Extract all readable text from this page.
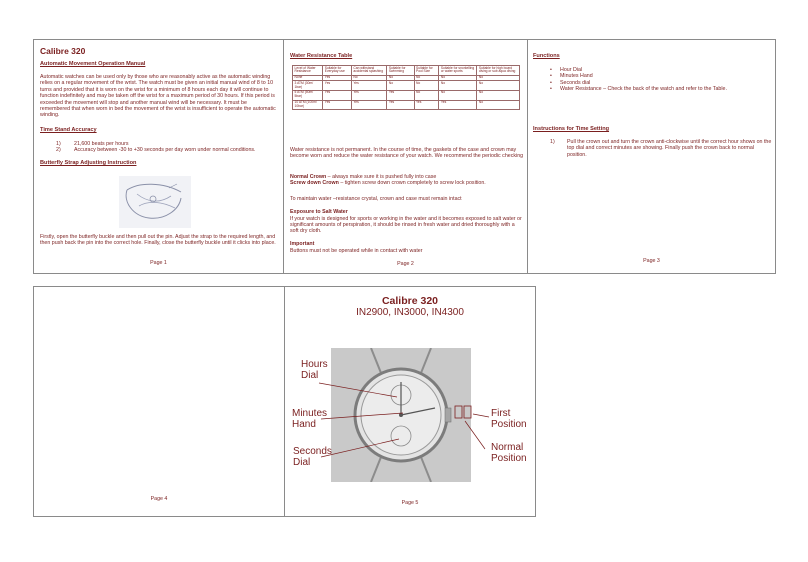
Calibre 320
Automatic Movement Operation Manual
Automatic watches can be used only by those who are reasonably active as the automatic winding relies on a regular movement of the wrist. The watch must be given an initial manual wind of 8 to 10 turns and provided that it is worn on the wrist for a minimum of 8 hours each day it will continue to function indefinitely and may be taken off the wrist for a maximum period of 30 hours. If this period is exceeded the movement will stop and another manual wind will be necessary. It must be remembered that when worn in bed the movement of the wrist is insufficient to operate the automatic winding.
Time Stand Accuracy
1)	21,600 beats per hours
2)	Accuracy between -30 to +30 seconds per day worn under normal conditions.
Butterfly Strap Adjusting Instruction
Firstly, open the butterfly buckle and then pull out the pin. Adjust the strap to the required length, and then push back the pin into the correct hole. Finally, close the butterfly buckle until it clicks into place.
Page 1
Water Resistance Table
Level of Water Resistance	Suitable for Everyday use	Can withstand accidental splashing	Suitable for Swimming	Suitable for Pool Size	Suitable for snorkelling or water sports	Suitable for high board diving or sub aqua diving
None	Yes	No	No	No	No	No
3 ATM (30m/ 1bar)	Yes	Yes	No	No	No	No
5 ATM (50m/ 5bar)	Yes	Yes	Yes	No	No	No
10 ATM (100m/ 10bar)	Yes	Yes	Yes	Yes	Yes	No
Water resistance is not permanent. In the course of time, the gaskets of the case and crown may become worn and reduce the water resistance of your watch. We recommend the periodic checking
Normal Crown – always make sure it is pushed fully into case
Screw down Crown – tighten screw down crown completely to screw lock position.
To maintain water –resistance crystal, crown and case must remain intact
Exposure to Salt Water
If your watch is designed for sports or working in the water and it becomes exposed to salt water or significant amounts of perspiration, it should be rinsed in fresh water and dried thoroughly with a soft dry cloth.
Important
Buttons must not be operated while in contact with water
Page 2
Functions
•	Hour Dial
•	Minutes Hand
•	Seconds dial
•	Water Resistance – Check the back of the watch and refer to the Table.
Instructions for Time Setting
1)	Pull the crown out and turn the crown anti-clockwise until the correct hour shows on the top dial and correct minutes are showing. Finally push the crown back to normal position.
Page 3
Page 4
Calibre 320
IN2900, IN3000, IN4300
Hours
Dial
Minutes
Hand
Seconds
Dial
First
Position
Normal
Position
Page 5
